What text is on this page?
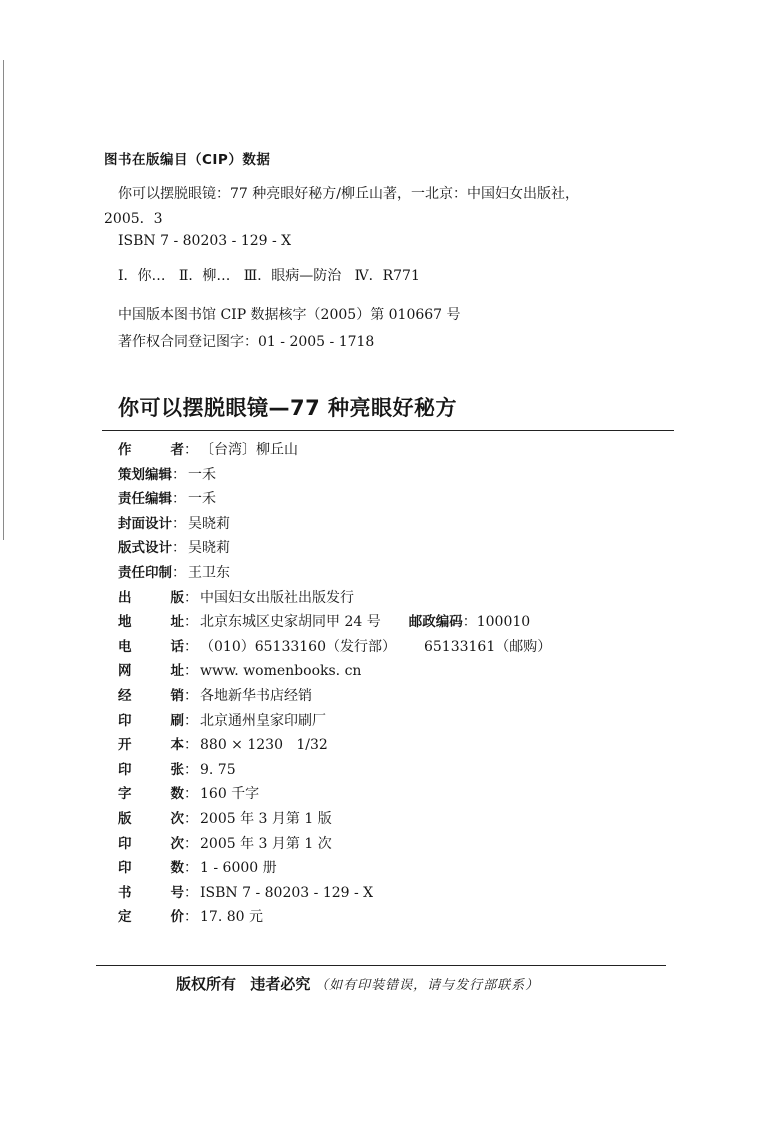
图书在版编目（CIP）数据
你可以摆脱眼镜：77 种亮眼好秘方/柳丘山著，一北京：中国妇女出版社，
2005．3
ISBN 7 - 80203 - 129 - X
Ⅰ．你…   Ⅱ．柳…   Ⅲ．眼病—防治   Ⅳ．R771
中国版本图书馆 CIP 数据核字（2005）第 010667 号
著作权合同登记图字：01 - 2005 - 1718
你可以摆脱眼镜—77 种亮眼好秘方
作者 ： 〔台湾〕柳丘山
策划编辑 ： 一禾
责任编辑 ： 一禾
封面设计 ： 吴晓莉
版式设计 ： 吴晓莉
责任印制 ： 王卫东
出版 ： 中国妇女出版社出版发行
地址 ： 北京东城区史家胡同甲 24 号 邮政编码 ： 100010
电话 ： （010）65133160（发行部） 65133161（邮购）
网址 ： www. womenbooks. cn
经销 ： 各地新华书店经销
印刷 ： 北京通州皇家印刷厂
开本 ： 880 × 1230   1/32
印张 ： 9. 75
字数 ： 160 千字
版次 ： 2005 年 3 月第 1 版
印次 ： 2005 年 3 月第 1 次
印数 ： 1 - 6000 册
书号 ： ISBN 7 - 80203 - 129 - X
定价 ： 17. 80 元
版权所有 违者必究 （如有印装错误，请与发行部联系）
